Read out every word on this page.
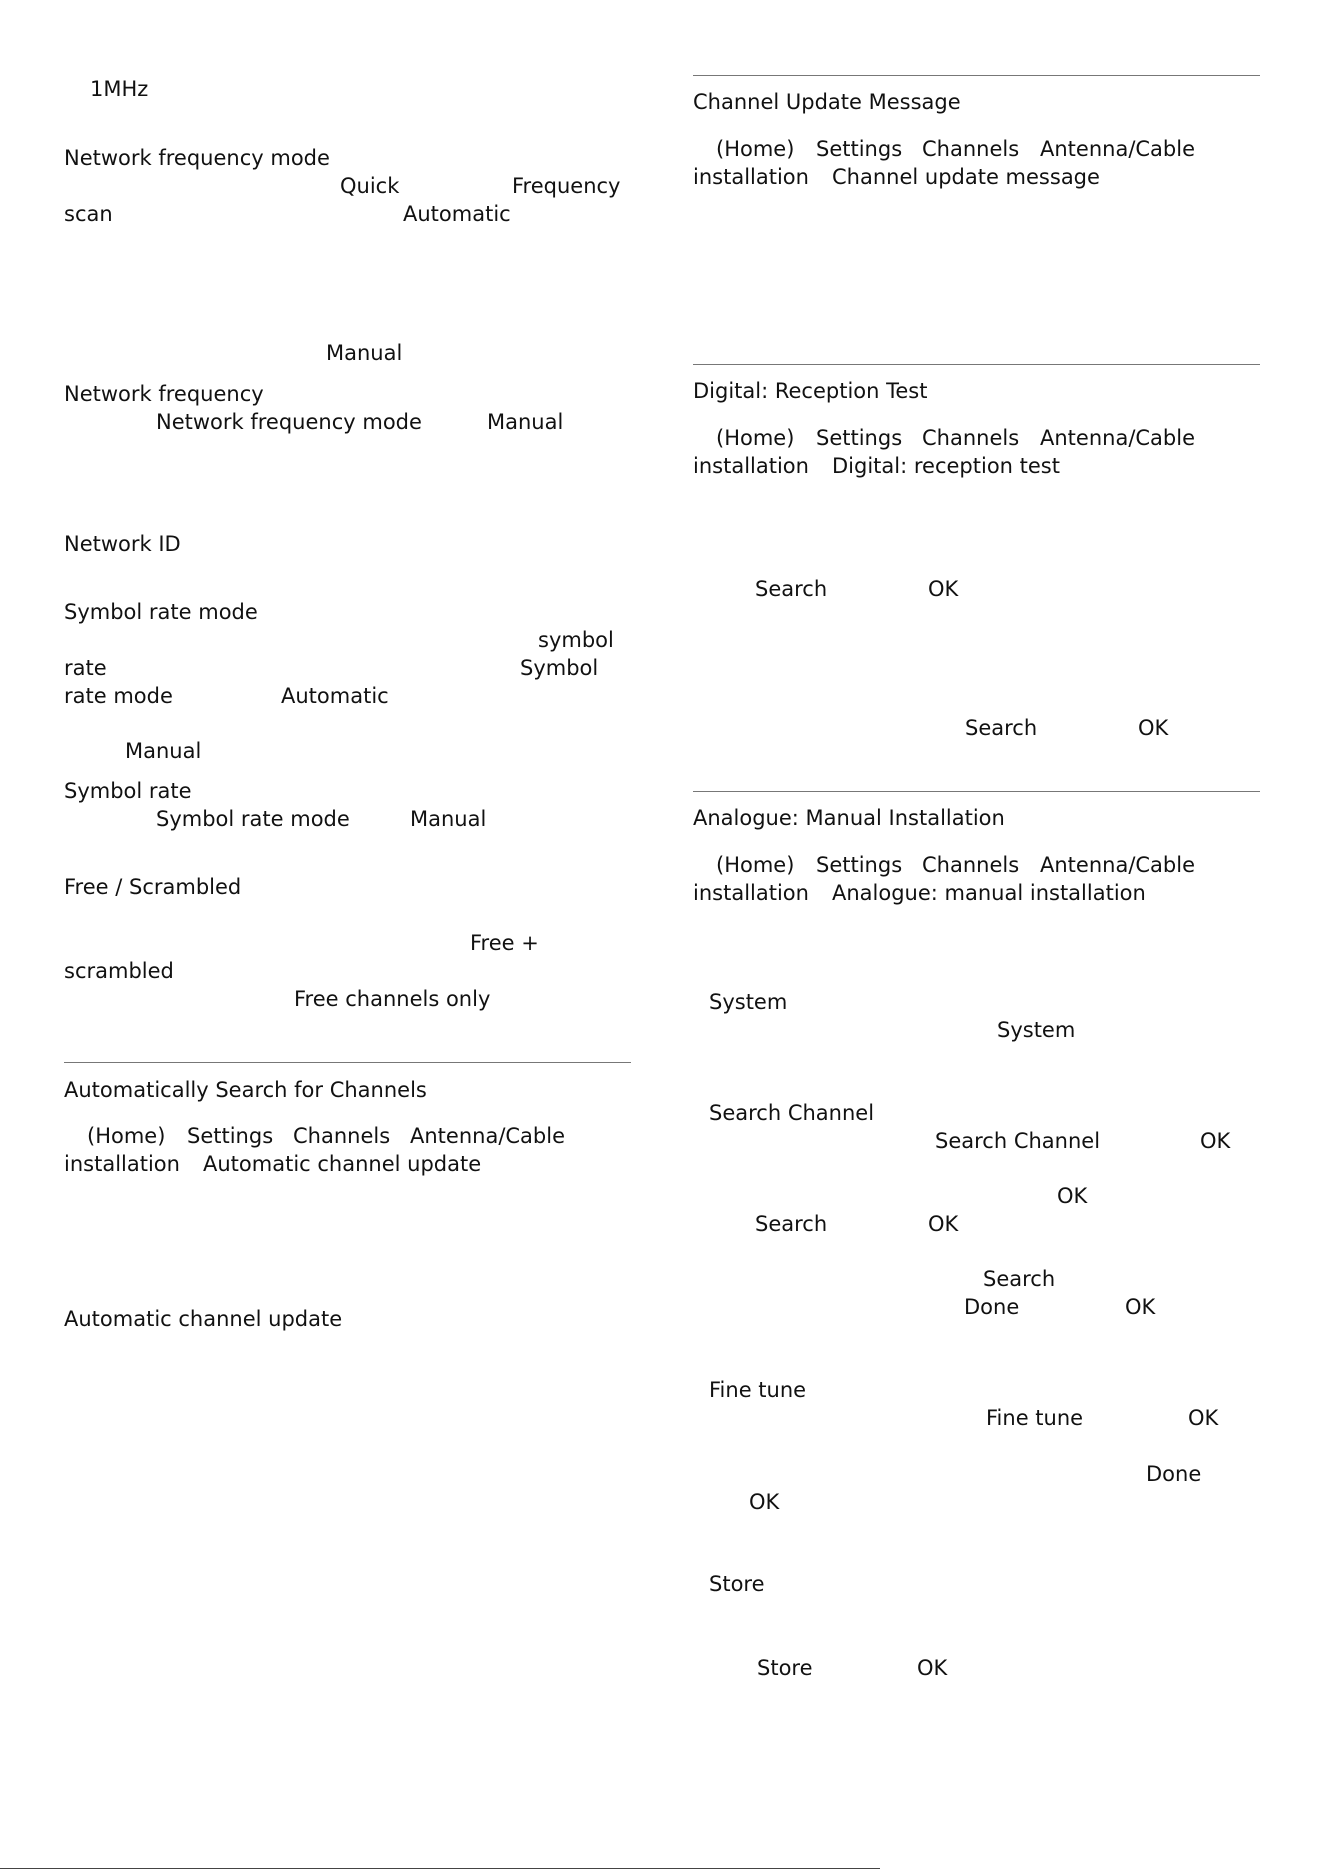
1MHz
Network frequency mode
Quick	Frequency
scan	Automatic
Manual
Network frequency
Network frequency mode	Manual
Network ID
Symbol rate mode
symbol
rate	Symbol
rate mode	Automatic
Manual
Symbol rate
Symbol rate mode	Manual
Free / Scrambled
Free +
scrambled
Free channels only
Automatically Search for Channels
(Home) Settings Channels Antenna/Cable
installation Automatic channel update
Automatic channel update
Channel Update Message
(Home) Settings Channels Antenna/Cable
installation Channel update message
Digital: Reception Test
(Home) Settings Channels Antenna/Cable
installation Digital: reception test
Search	OK
Search	OK
Analogue: Manual Installation
(Home) Settings Channels Antenna/Cable
installation Analogue: manual installation
System
System
Search Channel
Search Channel	OK
OK
Search	OK
Search
Done	OK
Fine tune
Fine tune	OK
Done
OK
Store
Store	OK
